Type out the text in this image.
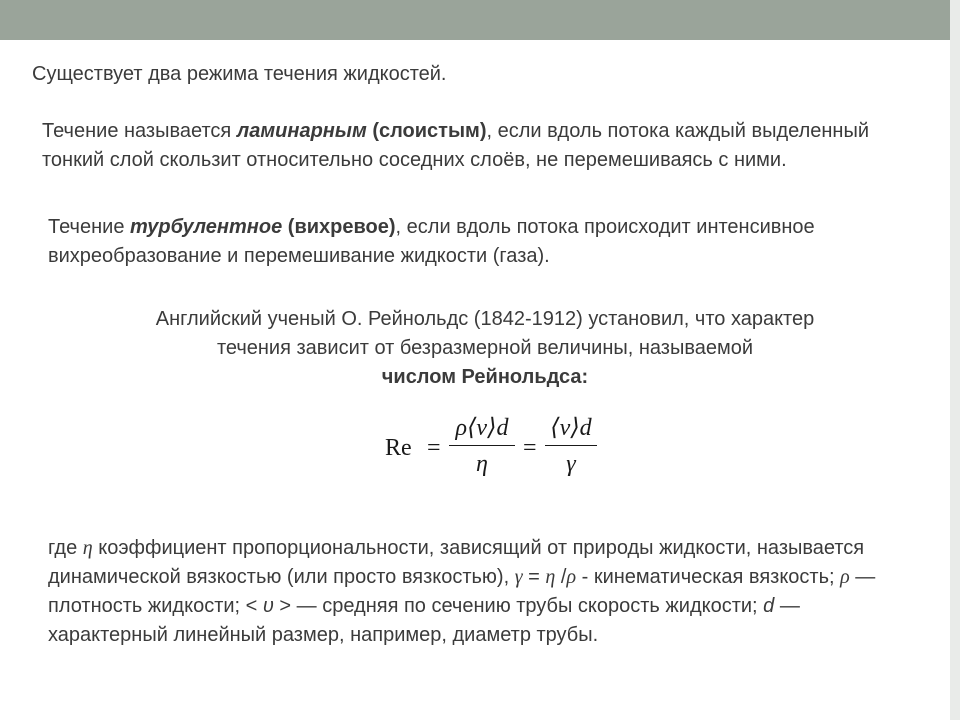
Существует два режима течения жидкостей.
Течение называется ламинарным (слоистым), если вдоль потока каждый выделенный тонкий слой скользит относительно соседних слоёв, не перемешиваясь с ними.
Течение турбулентное (вихревое), если вдоль потока происходит интенсивное вихреобразование и перемешивание жидкости (газа).
Английский ученый О. Рейнольдс (1842-1912) установил, что характер
течения зависит от безразмерной величины, называемой
числом Рейнольдса:
Re =
ρ⟨v⟩d
η
=
⟨v⟩d
γ
где η коэффициент пропорциональности, зависящий от природы жидкости, называется динамической вязкостью (или просто вязкостью), γ = η /ρ - кинематическая вязкость; ρ — плотность жидкости; < υ > — средняя по сечению трубы скорость жидкости; d — характерный линейный размер, например, диаметр трубы.
